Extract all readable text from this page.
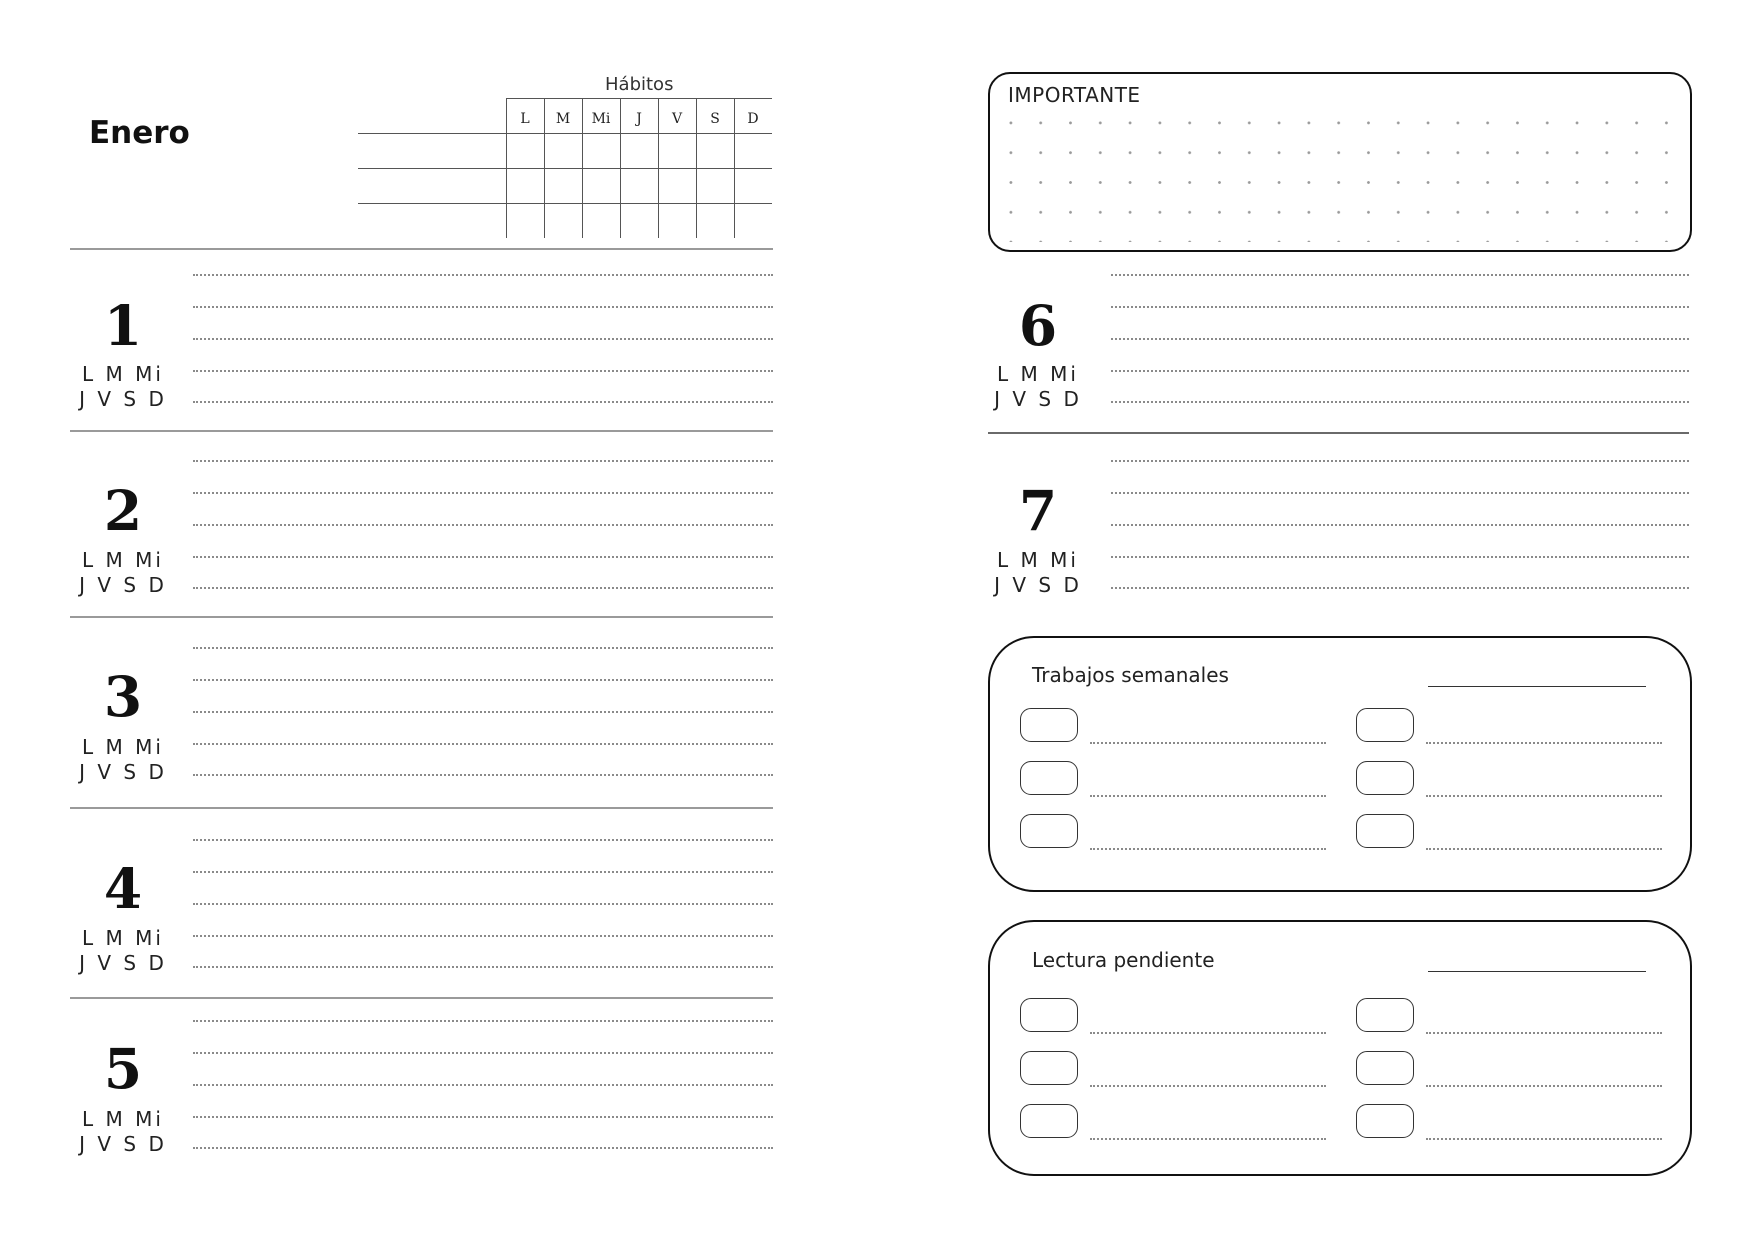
Enero
Hábitos
L	M	Mi	J	V	S	D
1
L M Mi
J V S D
2
L M Mi
J V S D
3
L M Mi
J V S D
4
L M Mi
J V S D
5
L M Mi
J V S D
IMPORTANTE
6
L M Mi
J V S D
7
L M Mi
J V S D
Trabajos semanales
Lectura pendiente
